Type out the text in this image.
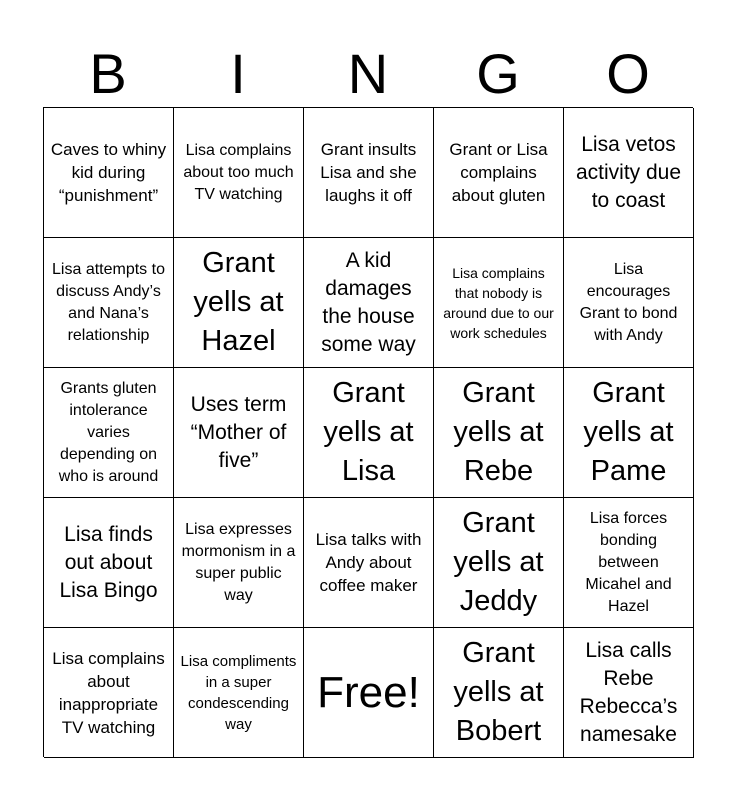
B	I	N	G	O
Caves to whiny kid during “punishment”
Lisa complains about too much TV watching
Grant insults Lisa and she laughs it off
Grant or Lisa complains about gluten
Lisa vetos activity due to coast
Lisa attempts to discuss Andy’s and Nana’s relationship
Grant yells at Hazel
A kid damages the house some way
Lisa complains that nobody is around due to our work schedules
Lisa encourages Grant to bond with Andy
Grants gluten intolerance varies depending on who is around
Uses term “Mother of five”
Grant yells at Lisa
Grant yells at Rebe
Grant yells at Pame
Lisa finds out about Lisa Bingo
Lisa expresses mormonism in a super public way
Lisa talks with Andy about coffee maker
Grant yells at Jeddy
Lisa forces bonding between Micahel and Hazel
Lisa complains about inappropriate TV watching
Lisa compliments in a super condescending way
Free!
Grant yells at Bobert
Lisa calls Rebe Rebecca’s namesake
